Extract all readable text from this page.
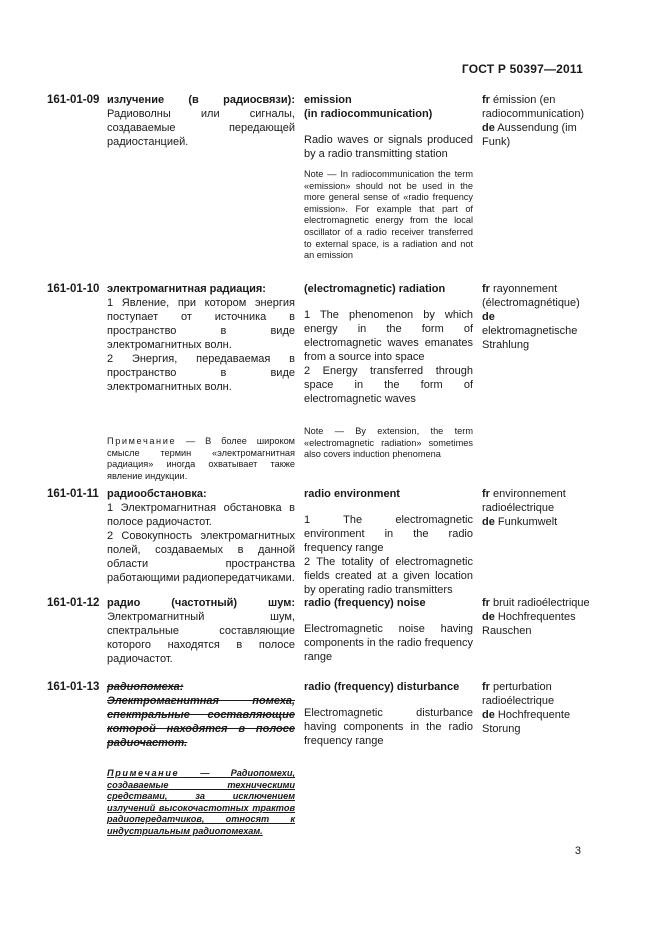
ГОСТ Р 50397—2011
161-01-09 излучение (в радиосвязи): Радиоволны или сигналы, создаваемые передающей радиостанцией.

emission

(in radiocommunication)

Radio waves or signals produced by a radio transmitting station

Note — In radiocommunication the term «emission» should not be used in the more general sense of «radio frequency emission». For example that part of electromagnetic energy from the local oscillator of a radio receiver transferred to external space, is a radiation and not an emission

fr émission (en radiocommunication)

de Aussendung (im Funk)

161-01-10 электромагнитная радиация:

1 Явление, при котором энергия поступает от источника в пространство в виде электромагнитных волн.

2 Энергия, передаваемая в пространство в виде электромагнитных волн.

Примечание — В более широком смысле термин «электромагнитная радиация» иногда охватывает также явление индукции.

(electromagnetic) radiation

1 The phenomenon by which energy in the form of electromagnetic waves emanates from a source into space

2 Energy transferred through space in the form of electromagnetic waves

Note — By extension, the term «electromagnetic radiation» sometimes also covers induction phenomena

fr rayonnement (électromagnétique)

de elektromagnetische Strahlung

161-01-11 радиообстановка:

1 Электромагнитная обстановка в полосе радиочастот.

2 Совокупность электромагнитных полей, создаваемых в данной области пространства работающими радиопередатчиками.

radio environment

1 The electromagnetic environment in the radio frequency range

2 The totality of electromagnetic fields created at a given location by operating radio transmitters

fr environnement radioélectrique

de Funkumwelt

161-01-12 радио (частотный) шум: Электромагнитный шум, спектральные составляющие которого находятся в полосе радиочастот.

radio (frequency) noise

Electromagnetic noise having components in the radio frequency range

fr bruit radioélectrique

de Hochfrequentes Rauschen

161-01-13 радиопомеха: Электромагнитная помеха, спектральные составляющие которой находятся в полосе радиочастот.

Примечание — Радиопомехи, создаваемые техническими средствами, за исключением излучений высокочастотных трактов радиопередатчиков, относят к индустриальным радиопомехам.

radio (frequency) disturbance

Electromagnetic disturbance having components in the radio frequency range

fr perturbation radioélectrique

de Hochfrequente Storung

3
